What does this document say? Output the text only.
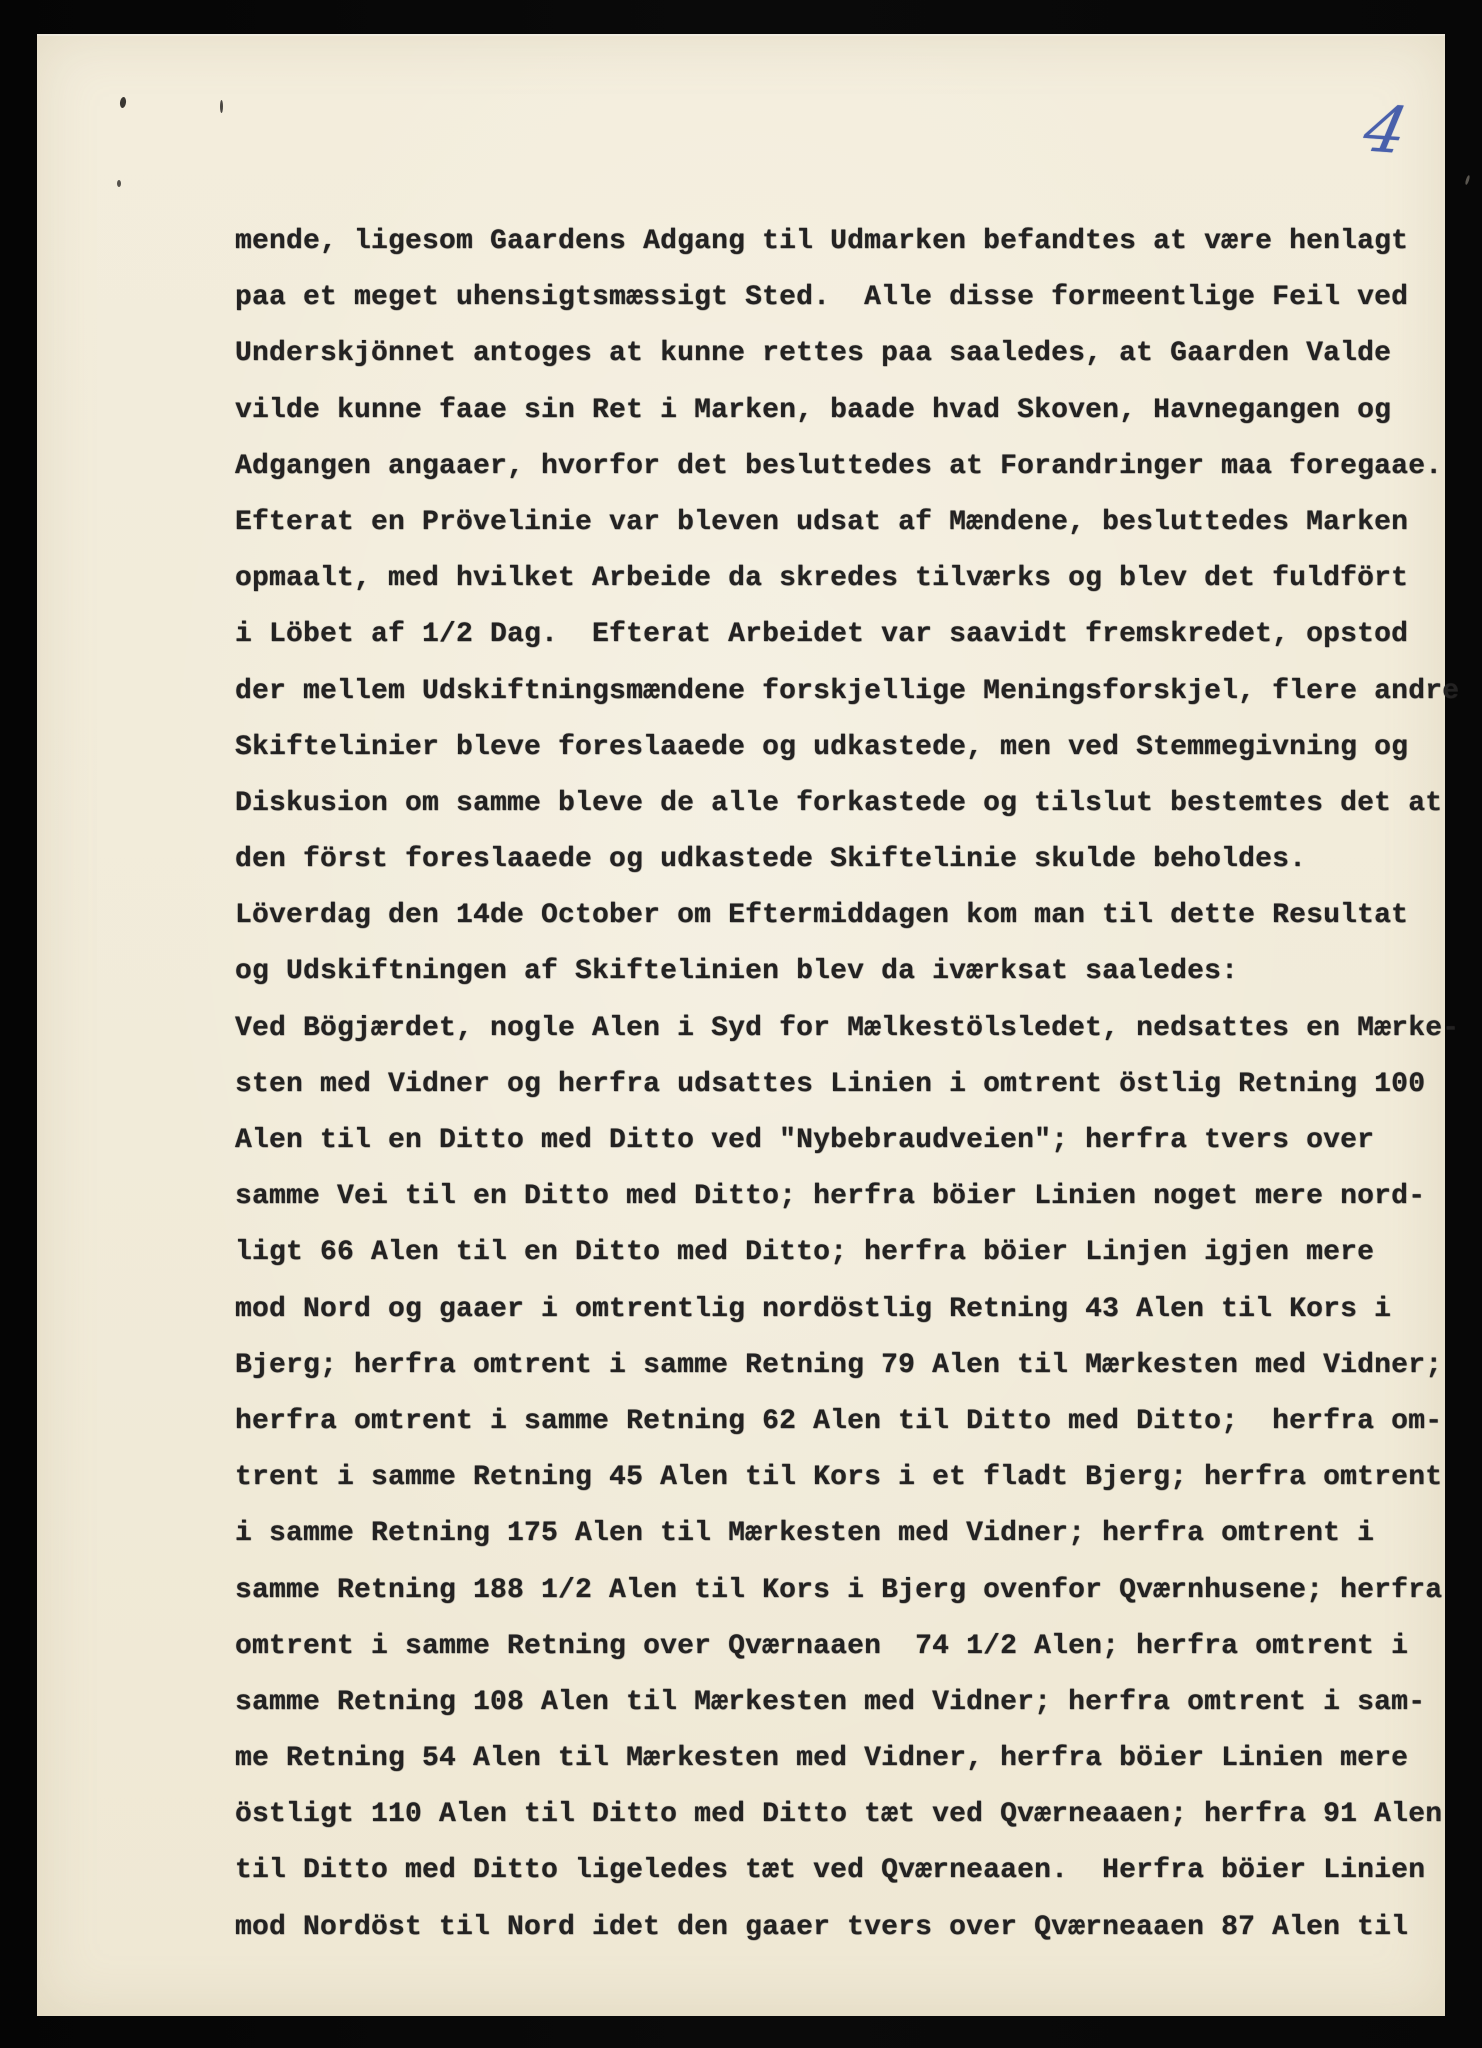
4
mende, ligesom Gaardens Adgang til Udmarken befandtes at være henlagt
paa et meget uhensigtsmæssigt Sted.  Alle disse formeentlige Feil ved
Underskjönnet antoges at kunne rettes paa saaledes, at Gaarden Valde
vilde kunne faae sin Ret i Marken, baade hvad Skoven, Havnegangen og
Adgangen angaaer, hvorfor det besluttedes at Forandringer maa foregaae.
Efterat en Prövelinie var bleven udsat af Mændene, besluttedes Marken
opmaalt, med hvilket Arbeide da skredes tilværks og blev det fuldfört
i Löbet af 1/2 Dag.  Efterat Arbeidet var saavidt fremskredet, opstod
der mellem Udskiftningsmændene forskjellige Meningsforskjel, flere andre
Skiftelinier bleve foreslaaede og udkastede, men ved Stemmegivning og
Diskusion om samme bleve de alle forkastede og tilslut bestemtes det at
den först foreslaaede og udkastede Skiftelinie skulde beholdes.
Löverdag den 14de October om Eftermiddagen kom man til dette Resultat
og Udskiftningen af Skiftelinien blev da iværksat saaledes:
Ved Bögjærdet, nogle Alen i Syd for Mælkestölsledet, nedsattes en Mærke-
sten med Vidner og herfra udsattes Linien i omtrent östlig Retning 100
Alen til en Ditto med Ditto ved "Nybebraudveien"; herfra tvers over
samme Vei til en Ditto med Ditto; herfra böier Linien noget mere nord-
ligt 66 Alen til en Ditto med Ditto; herfra böier Linjen igjen mere
mod Nord og gaaer i omtrentlig nordöstlig Retning 43 Alen til Kors i
Bjerg; herfra omtrent i samme Retning 79 Alen til Mærkesten med Vidner;
herfra omtrent i samme Retning 62 Alen til Ditto med Ditto;  herfra om-
trent i samme Retning 45 Alen til Kors i et fladt Bjerg; herfra omtrent
i samme Retning 175 Alen til Mærkesten med Vidner; herfra omtrent i
samme Retning 188 1/2 Alen til Kors i Bjerg ovenfor Qværnhusene; herfra
omtrent i samme Retning over Qværnaaen  74 1/2 Alen; herfra omtrent i
samme Retning 108 Alen til Mærkesten med Vidner; herfra omtrent i sam-
me Retning 54 Alen til Mærkesten med Vidner, herfra böier Linien mere
östligt 110 Alen til Ditto med Ditto tæt ved Qværneaaen; herfra 91 Alen
til Ditto med Ditto ligeledes tæt ved Qværneaaen.  Herfra böier Linien
mod Nordöst til Nord idet den gaaer tvers over Qværneaaen 87 Alen til
